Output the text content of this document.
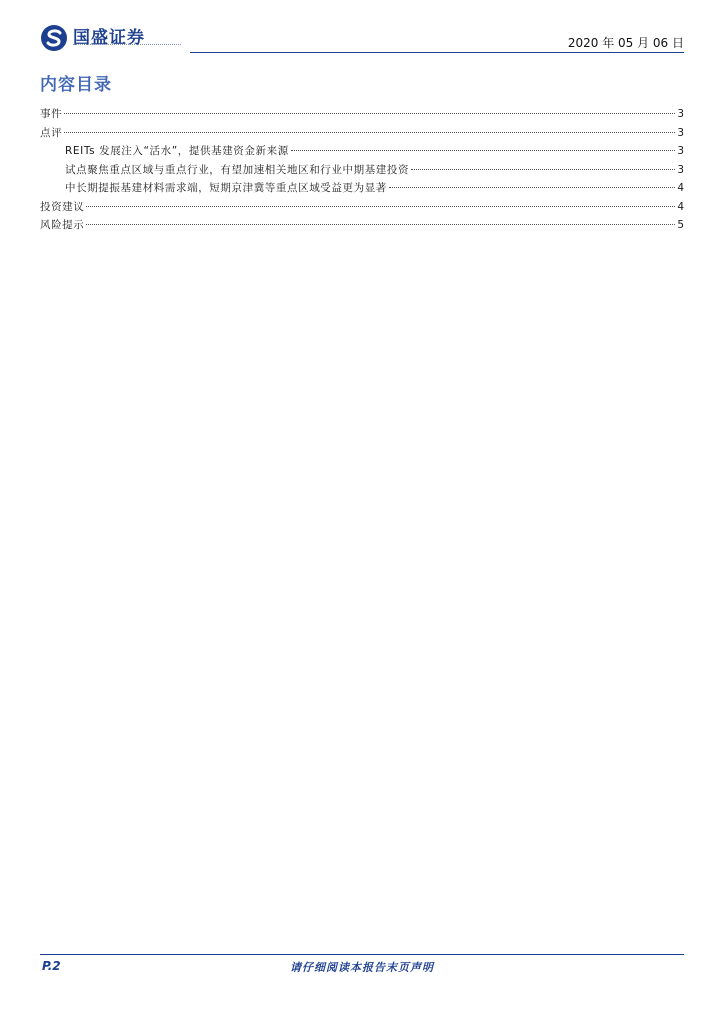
国盛证券	2020 年 05 月 06 日
内容目录
事件	3
点评	3
REITs 发展注入“活水”，提供基建资金新来源	3
试点聚焦重点区域与重点行业，有望加速相关地区和行业中期基建投资	3
中长期提振基建材料需求端，短期京津冀等重点区域受益更为显著	4
投资建议	4
风险提示	5
P.2	请仔细阅读本报告末页声明
